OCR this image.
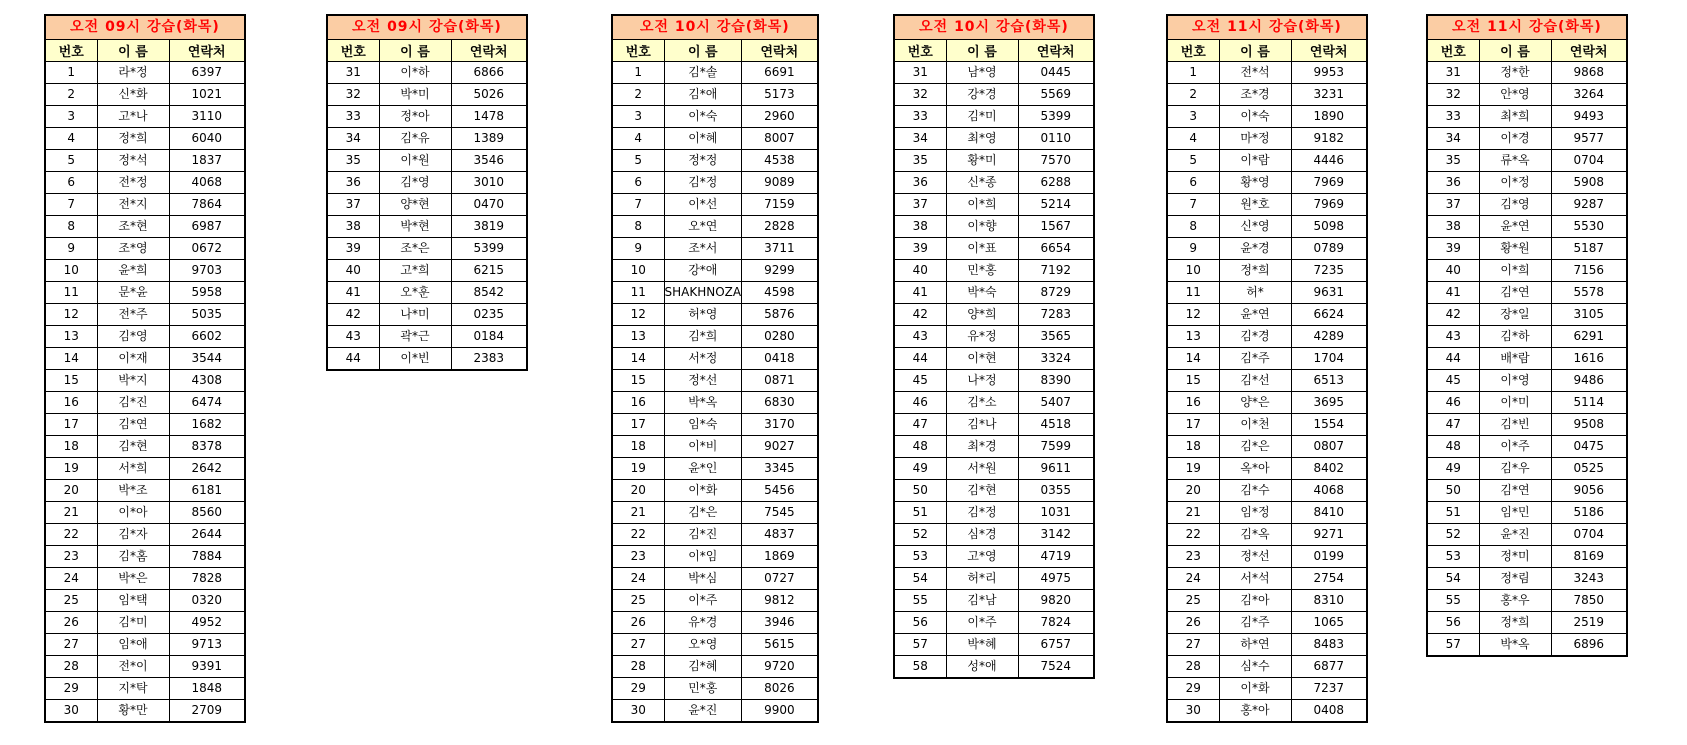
오전 09시 강습(화목)		
번호	이 름	연락처
1	라*정	6397
2	신*화	1021
3	고*나	3110
4	정*희	6040
5	정*석	1837
6	전*정	4068
7	전*지	7864
8	조*현	6987
9	조*영	0672
10	윤*희	9703
11	문*윤	5958
12	전*주	5035
13	김*영	6602
14	이*재	3544
15	박*지	4308
16	김*진	6474
17	김*연	1682
18	김*현	8378
19	서*희	2642
20	박*조	6181
21	이*아	8560
22	김*자	2644
23	김*홈	7884
24	박*은	7828
25	임*택	0320
26	김*미	4952
27	임*애	9713
28	전*이	9391
29	지*탁	1848
30	황*만	2709
오전 09시 강습(화목)		
번호	이 름	연락처
31	이*하	6866
32	박*미	5026
33	정*아	1478
34	김*유	1389
35	이*원	3546
36	김*영	3010
37	양*현	0470
38	박*현	3819
39	조*은	5399
40	고*희	6215
41	오*훈	8542
42	나*미	0235
43	곽*근	0184
44	이*빈	2383
오전 10시 강습(화목)		
번호	이 름	연락처
1	김*솔	6691
2	김*애	5173
3	이*숙	2960
4	이*혜	8007
5	정*정	4538
6	김*정	9089
7	이*선	7159
8	오*연	2828
9	조*서	3711
10	강*애	9299
11	SHAKHNOZA	4598
12	허*영	5876
13	김*희	0280
14	서*정	0418
15	정*선	0871
16	박*옥	6830
17	임*숙	3170
18	이*비	9027
19	윤*인	3345
20	이*화	5456
21	김*은	7545
22	김*진	4837
23	이*임	1869
24	박*심	0727
25	이*주	9812
26	유*경	3946
27	오*영	5615
28	김*혜	9720
29	민*홍	8026
30	윤*진	9900
오전 10시 강습(화목)		
번호	이 름	연락처
31	남*영	0445
32	강*경	5569
33	김*미	5399
34	최*영	0110
35	황*미	7570
36	신*종	6288
37	이*희	5214
38	이*향	1567
39	이*표	6654
40	민*홍	7192
41	박*숙	8729
42	양*희	7283
43	유*정	3565
44	이*현	3324
45	나*정	8390
46	김*소	5407
47	김*나	4518
48	최*경	7599
49	서*원	9611
50	김*현	0355
51	김*정	1031
52	심*경	3142
53	고*영	4719
54	허*리	4975
55	김*남	9820
56	이*주	7824
57	박*혜	6757
58	성*애	7524
오전 11시 강습(화목)		
번호	이 름	연락처
1	전*석	9953
2	조*경	3231
3	이*숙	1890
4	마*정	9182
5	이*람	4446
6	황*영	7969
7	원*호	7969
8	신*영	5098
9	윤*경	0789
10	정*희	7235
11	허*	9631
12	윤*연	6624
13	김*경	4289
14	김*주	1704
15	김*선	6513
16	양*은	3695
17	이*천	1554
18	김*은	0807
19	옥*아	8402
20	김*수	4068
21	임*정	8410
22	김*옥	9271
23	정*선	0199
24	서*석	2754
25	김*아	8310
26	김*주	1065
27	하*연	8483
28	심*수	6877
29	이*화	7237
30	홍*아	0408
오전 11시 강습(화목)		
번호	이 름	연락처
31	정*한	9868
32	안*영	3264
33	최*희	9493
34	이*경	9577
35	류*옥	0704
36	이*정	5908
37	김*영	9287
38	윤*연	5530
39	황*원	5187
40	이*희	7156
41	김*연	5578
42	장*일	3105
43	김*하	6291
44	배*람	1616
45	이*영	9486
46	이*미	5114
47	김*빈	9508
48	이*주	0475
49	김*우	0525
50	김*연	9056
51	임*민	5186
52	윤*진	0704
53	정*미	8169
54	정*림	3243
55	홍*우	7850
56	정*희	2519
57	박*옥	6896
